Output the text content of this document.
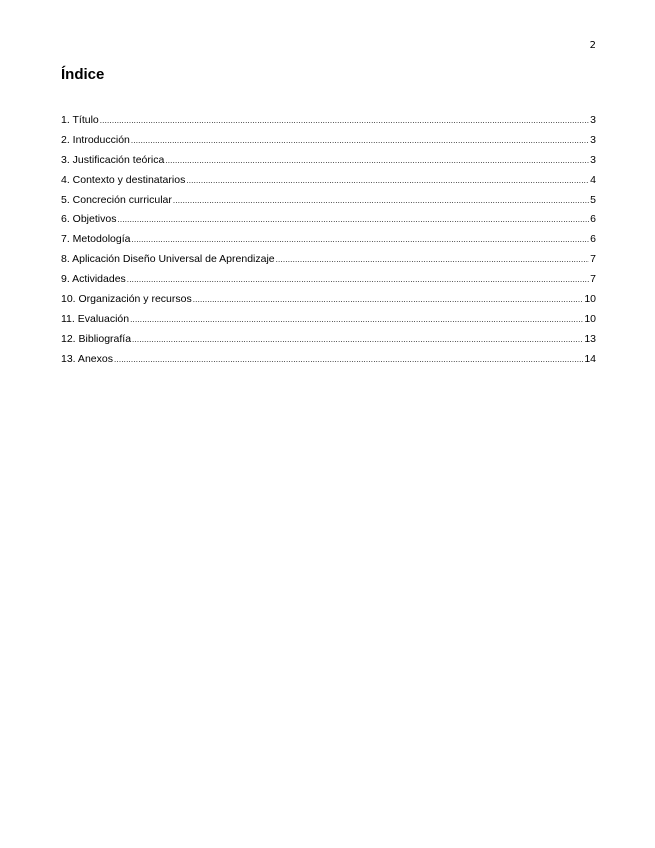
2
Índice
1. Título .....	3
2. Introducción .....	3
3. Justificación teórica .....	3
4. Contexto y destinatarios .....	4
5. Concreción curricular .....	5
6. Objetivos .....	6
7. Metodología .....	6
8. Aplicación Diseño Universal de Aprendizaje .....	7
9. Actividades .....	7
10. Organización y recursos .....	10
11. Evaluación .....	10
12. Bibliografía .....	13
13. Anexos .....	14
